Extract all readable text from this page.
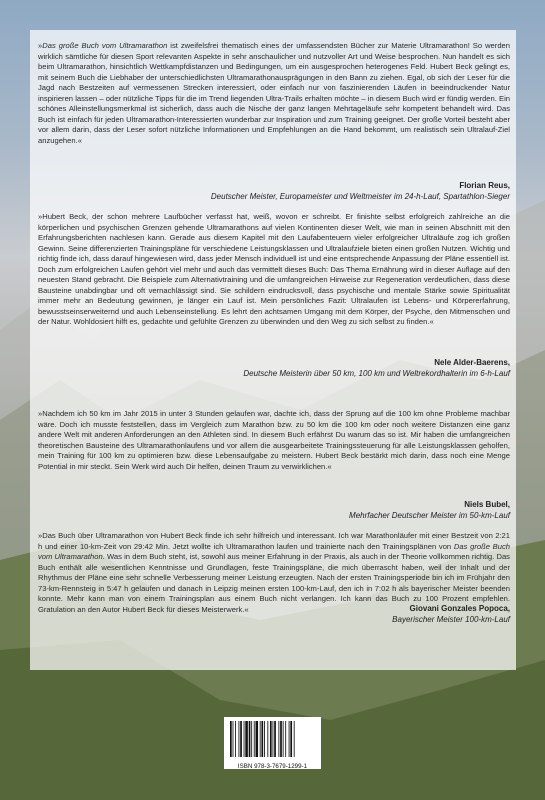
»Das große Buch vom Ultramarathon ist zweifelsfrei thematisch eines der umfassendsten Bücher zur Materie Ultramarathon! So werden wirklich sämtliche für diesen Sport relevanten Aspekte in sehr anschaulicher und nutzvoller Art und Weise besprochen. Nun handelt es sich beim Ultramarathon, hinsichtlich Wettkampfdistanzen und Bedingungen, um ein ausgesprochen heterogenes Feld. Hubert Beck gelingt es, mit seinem Buch die Liebhaber der unterschiedlichsten Ultramarathonausprägungen in den Bann zu ziehen. Egal, ob sich der Leser für die Jagd nach Bestzeiten auf vermessenen Strecken interessiert, oder einfach nur von faszinierenden Läufen in beeindruckender Natur inspirieren lassen – oder nützliche Tipps für die im Trend liegenden Ultra-Trails erhalten möchte – in diesem Buch wird er fündig werden. Ein schönes Alleinstellungsmerkmal ist sicherlich, dass auch die Nische der ganz langen Mehrtageläufe sehr kompetent behandelt wird. Das Buch ist einfach für jeden Ultramarathon-Interessierten wunderbar zur Inspiration und zum Training geeignet. Der große Vorteil besteht aber vor allem darin, dass der Leser sofort nützliche Informationen und Empfehlungen an die Hand bekommt, um realistisch sein Ultralauf-Ziel anzugehen.«

Florian Reus,
Deutscher Meister, Europameister und Weltmeister im 24-h-Lauf, Spartathlon-Sieger

»Hubert Beck, der schon mehrere Laufbücher verfasst hat, weiß, wovon er schreibt. Er finishte selbst erfolgreich zahlreiche an die körperlichen und psychischen Grenzen gehende Ultramarathons auf vielen Kontinenten dieser Welt, wie man in seinen Abschnitt mit den Erfahrungsberichten nachlesen kann. Gerade aus diesem Kapitel mit den Laufabenteuern vieler erfolgreicher Ultraläufe zog ich großen Gewinn. Seine differenzierten Trainingspläne für verschiedene Leistungsklassen und Ultralaufziele bieten einen großen Nutzen. Wichtig und richtig finde ich, dass darauf hingewiesen wird, dass jeder Mensch individuell ist und eine entsprechende Anpassung der Pläne essentiell ist. Doch zum erfolgreichen Laufen gehört viel mehr und auch das vermittelt dieses Buch: Das Thema Ernährung wird in dieser Auflage auf den neuesten Stand gebracht. Die Beispiele zum Alternativtraining und die umfangreichen Hinweise zur Regeneration verdeutlichen, dass diese Bausteine unabdingbar und oft vernachlässigt sind. Sie schildern eindrucksvoll, dass psychische und mentale Stärke sowie Spiritualität immer mehr an Bedeutung gewinnen, je länger ein Lauf ist. Mein persönliches Fazit: Ultralaufen ist Lebens- und Körpererfahrung, bewusstseinserweiternd und auch Lebenseinstellung. Es lehrt den achtsamen Umgang mit dem Körper, der Psyche, den Mitmenschen und der Natur. Wohldosiert hilft es, gedachte und gefühlte Grenzen zu überwinden und den Weg zu sich selbst zu finden.«

Nele Alder-Baerens,
Deutsche Meisterin über 50 km, 100 km und Weltrekordhalterin im 6-h-Lauf

»Nachdem ich 50 km im Jahr 2015 in unter 3 Stunden gelaufen war, dachte ich, dass der Sprung auf die 100 km ohne Probleme machbar wäre. Doch ich musste feststellen, dass im Vergleich zum Marathon bzw. zu 50 km die 100 km oder noch weitere Distanzen eine ganz andere Welt mit anderen Anforderungen an den Athleten sind. In diesem Buch erfährst Du warum das so ist. Mir haben die umfangreichen theoretischen Bausteine des Ultramarathonlaufens und vor allem die ausgearbeitete Trainingssteuerung für alle Leistungsklassen geholfen, mein Training für 100 km zu optimieren bzw. diese Lebensaufgabe zu meistern. Hubert Beck bestärkt mich darin, dass noch eine Menge Potential in mir steckt. Sein Werk wird auch Dir helfen, deinen Traum zu verwirklichen.«

Niels Bubel,
Mehrfacher Deutscher Meister im 50-km-Lauf

»Das Buch über Ultramarathon von Hubert Beck finde ich sehr hilfreich und interessant. Ich war Marathonläufer mit einer Bestzeit von 2:21 h und einer 10-km-Zeit von 29:42 Min. Jetzt wollte ich Ultramarathon laufen und trainierte nach den Trainingsplänen von Das große Buch vom Ultramarathon. Was in dem Buch steht, ist, sowohl aus meiner Erfahrung in der Praxis, als auch in der Theorie vollkommen richtig. Das Buch enthält alle wesentlichen Kenntnisse und Grundlagen, feste Trainingspläne, die mich überrascht haben, weil der Inhalt und der Rhythmus der Pläne eine sehr schnelle Verbesserung meiner Leistung erzeugten. Nach der ersten Trainingsperiode bin ich im Frühjahr den 73-km-Rennsteig in 5:47 h gelaufen und danach in Leipzig meinen ersten 100-km-Lauf, den ich in 7:02 h als bayerischer Meister beenden konnte. Mehr kann man von einem Trainingsplan aus einem Buch nicht verlangen. Ich kann das Buch zu 100 Prozent empfehlen. Gratulation an den Autor Hubert Beck für dieses Meisterwerk.«	Giovani Gonzales Popoca,
Bayerischer Meister 100-km-Lauf
ISBN 978-3-7679-1299-1
